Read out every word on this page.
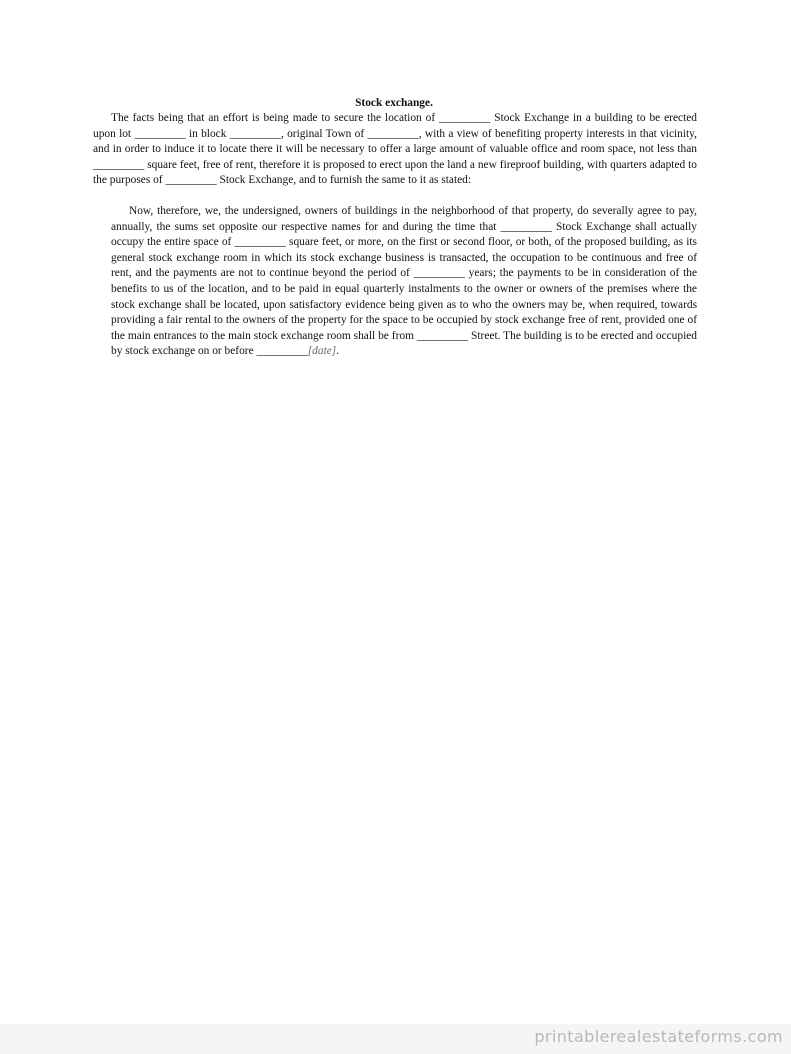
Stock exchange.
The facts being that an effort is being made to secure the location of _________ Stock Exchange in a building to be erected upon lot _________ in block _________, original Town of _________, with a view of benefiting property interests in that vicinity, and in order to induce it to locate there it will be necessary to offer a large amount of valuable office and room space, not less than _________ square feet, free of rent, therefore it is proposed to erect upon the land a new fireproof building, with quarters adapted to the purposes of _________ Stock Exchange, and to furnish the same to it as stated:
Now, therefore, we, the undersigned, owners of buildings in the neighborhood of that property, do severally agree to pay, annually, the sums set opposite our respective names for and during the time that _________ Stock Exchange shall actually occupy the entire space of _________ square feet, or more, on the first or second floor, or both, of the proposed building, as its general stock exchange room in which its stock exchange business is transacted, the occupation to be continuous and free of rent, and the payments are not to continue beyond the period of _________ years; the payments to be in consideration of the benefits to us of the location, and to be paid in equal quarterly instalments to the owner or owners of the premises where the stock exchange shall be located, upon satisfactory evidence being given as to who the owners may be, when required, towards providing a fair rental to the owners of the property for the space to be occupied by stock exchange free of rent, provided one of the main entrances to the main stock exchange room shall be from _________ Street. The building is to be erected and occupied by stock exchange on or before _________[date].
printablerealestateforms.com
